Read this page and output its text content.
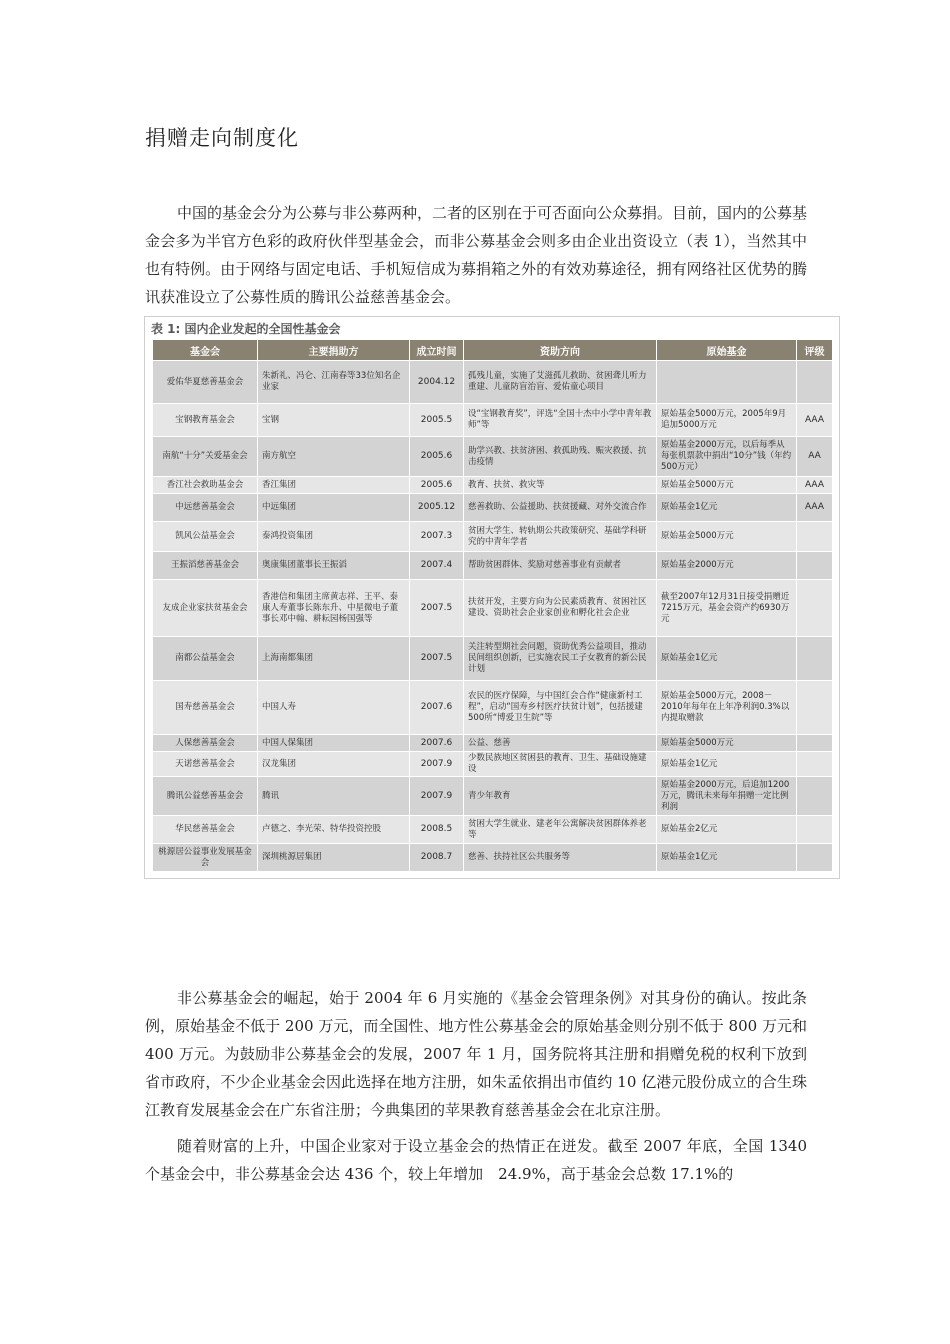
捐赠走向制度化

中国的基金会分为公募与非公募两种，二者的区别在于可否面向公众募捐。目前，国内的公募基金会多为半官方色彩的政府伙伴型基金会，而非公募基金会则多由企业出资设立（表 1），当然其中也有特例。由于网络与固定电话、手机短信成为募捐箱之外的有效劝募途径，拥有网络社区优势的腾讯获准设立了公募性质的腾讯公益慈善基金会。

表 1: 国内企业发起的全国性基金会
基金会	主要捐助方	成立时间	资助方向	原始基金	评级
爱佑华夏慈善基金会	朱新礼、冯仑、江南春等33位知名企业家	2004.12	孤残儿童，实施了艾滋孤儿救助、贫困聋儿听力重建、儿童防盲治盲、爱佑童心项目		
宝钢教育基金会	宝钢	2005.5	设“宝钢教育奖”，评选“全国十杰中小学中青年教师”等	原始基金5000万元，2005年9月追加5000万元	AAA
南航“十分”关爱基金会	南方航空	2005.6	助学兴教、扶贫济困、救孤助残、赈灾救援、抗击疫情	原始基金2000万元，以后每季从每张机票款中捐出“10分”钱（年约500万元）	AA
香江社会救助基金会	香江集团	2005.6	教育、扶贫、救灾等	原始基金5000万元	AAA
中远慈善基金会	中远集团	2005.12	慈善救助、公益援助、扶贫援藏、对外交流合作	原始基金1亿元	AAA
凯风公益基金会	泰鸿投资集团	2007.3	贫困大学生、转轨期公共政策研究、基础学科研究的中青年学者	原始基金5000万元	
王振滔慈善基金会	奥康集团董事长王振滔	2007.4	帮助贫困群体、奖励对慈善事业有贡献者	原始基金2000万元	
友成企业家扶贫基金会	香港信和集团主席黄志祥、王平、泰康人寿董事长陈东升、中星微电子董事长邓中翰、耕耘园杨国强等	2007.5	扶贫开发，主要方向为公民素质教育、贫困社区建设、资助社会企业家创业和孵化社会企业	截至2007年12月31日接受捐赠近7215万元，基金会资产约6930万元	
南都公益基金会	上海南都集团	2007.5	关注转型期社会问题，资助优秀公益项目，推动民间组织创新，已实施农民工子女教育的新公民计划	原始基金1亿元	
国寿慈善基金会	中国人寿	2007.6	农民的医疗保障，与中国红会合作“健康新村工程”，启动“国寿乡村医疗扶贫计划”，包括援建500所“博爱卫生院”等	原始基金5000万元，2008－2010年每年在上年净利润0.3%以内提取赠款	
人保慈善基金会	中国人保集团	2007.6	公益、慈善	原始基金5000万元	
天诺慈善基金会	汉龙集团	2007.9	少数民族地区贫困县的教育、卫生、基础设施建设	原始基金1亿元	
腾讯公益慈善基金会	腾讯	2007.9	青少年教育	原始基金2000万元，后追加1200万元，腾讯未来每年捐赠一定比例利润	
华民慈善基金会	卢德之、李光荣、特华投资控股	2008.5	贫困大学生就业、建老年公寓解决贫困群体养老等	原始基金2亿元	
桃源居公益事业发展基金会	深圳桃源居集团	2008.7	慈善、扶持社区公共服务等	原始基金1亿元	

非公募基金会的崛起，始于 2004 年 6 月实施的《基金会管理条例》对其身份的确认。按此条例，原始基金不低于 200 万元，而全国性、地方性公募基金会的原始基金则分别不低于 800 万元和 400 万元。为鼓励非公募基金会的发展，2007 年 1 月，国务院将其注册和捐赠免税的权利下放到省市政府，不少企业基金会因此选择在地方注册，如朱孟依捐出市值约 10 亿港元股份成立的合生珠江教育发展基金会在广东省注册；今典集团的苹果教育慈善基金会在北京注册。

随着财富的上升，中国企业家对于设立基金会的热情正在迸发。截至 2007 年底，全国 1340 个基金会中，非公募基金会达 436 个，较上年增加　24.9%，高于基金会总数 17.1%的
